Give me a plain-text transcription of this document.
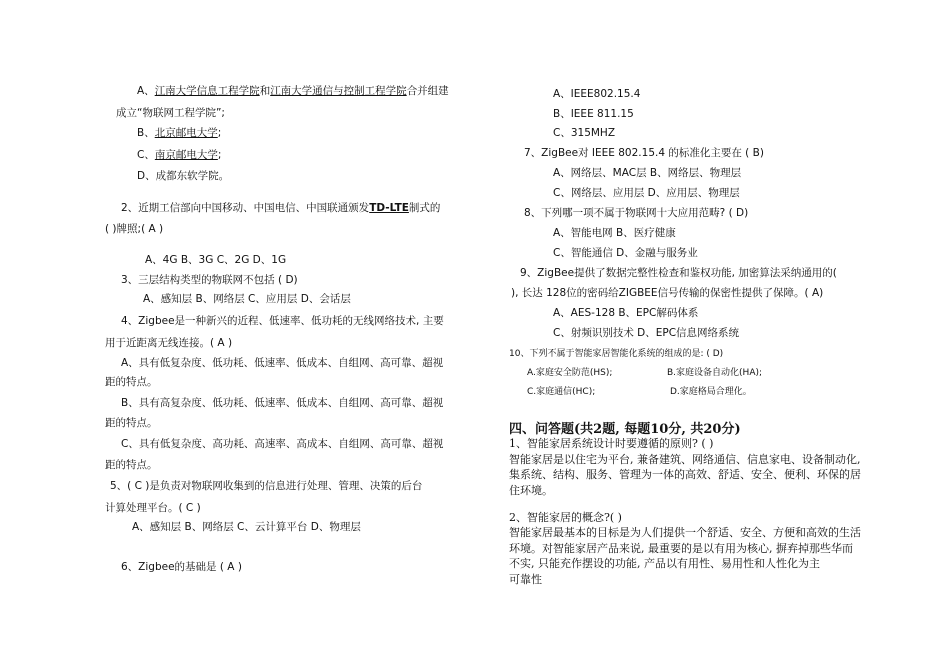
A、江南大学信息工程学院和江南大学通信与控制工程学院合并组建
成立“物联网工程学院”;
B、北京邮电大学;
C、南京邮电大学;
D、成都东软学院。
2、近期工信部向中国移动、中国电信、中国联通颁发TD-LTE制式的
( )牌照;( A )
A、4G B、3G C、2G D、1G
3、三层结构类型的物联网不包括 ( D)
A、感知层 B、网络层 C、应用层 D、会话层
4、Zigbee是一种新兴的近程、低速率、低功耗的无线网络技术, 主要
用于近距离无线连接。( A )
A、具有低复杂度、低功耗、低速率、低成本、自组网、高可靠、超视
距的特点。
B、具有高复杂度、低功耗、低速率、低成本、自组网、高可靠、超视
距的特点。
C、具有低复杂度、高功耗、高速率、高成本、自组网、高可靠、超视
距的特点。
5、( C )是负责对物联网收集到的信息进行处理、管理、决策的后台
计算处理平台。( C )
A、感知层 B、网络层 C、云计算平台 D、物理层
6、Zigbee的基础是 ( A )
A、IEEE802.15.4
B、IEEE 811.15
C、315MHZ
7、ZigBee对 IEEE 802.15.4 的标准化主要在 ( B)
A、网络层、MAC层 B、网络层、物理层
C、网络层、应用层 D、应用层、物理层
8、下列哪一项不属于物联网十大应用范畴? ( D)
A、智能电网 B、医疗健康
C、智能通信 D、金融与服务业
9、ZigBee提供了数据完整性检查和鉴权功能, 加密算法采纳通用的(
), 长达 128位的密码给ZIGBEE信号传输的保密性提供了保障。( A)
A、AES-128 B、EPC解码体系
C、射频识别技术 D、EPC信息网络系统
10、下列不属于智能家居智能化系统的组成的是: ( D)
A.家庭安全防范(HS);	B.家庭设备自动化(HA);
C.家庭通信(HC);	D.家庭格局合理化。
四、问答题(共2题, 每题10分, 共20分)
1、智能家居系统设计时要遵循的原则? ( )
智能家居是以住宅为平台, 兼备建筑、网络通信、信息家电、设备制动化,
集系统、结构、服务、管理为一体的高效、舒适、安全、便利、环保的居
住环境。
2、智能家居的概念?( )
智能家居最基本的目标是为人们提供一个舒适、安全、方便和高效的生活
环境。对智能家居产品来说, 最重要的是以有用为核心, 摒弃掉那些华而
不实, 只能充作摆设的功能, 产品以有用性、易用性和人性化为主
可靠性
